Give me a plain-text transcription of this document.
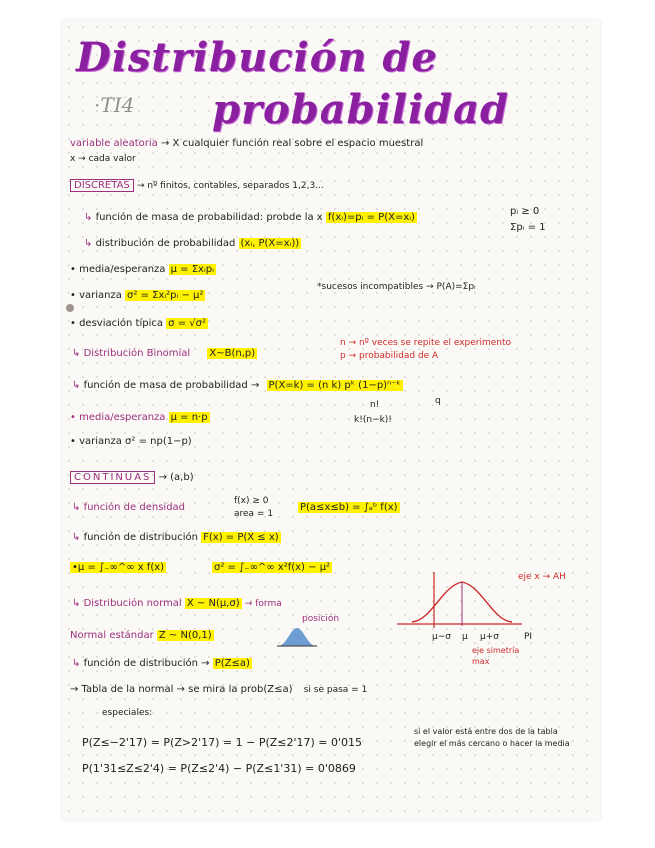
Distribución de
·TI4 probabilidad
variable aleatoria → X cualquier función real sobre el espacio muestral
x → cada valor
DISCRETAS → nº finitos, contables, separados 1,2,3...
↳ función de masa de probabilidad: probde la x f(xᵢ)=pᵢ = P(X=xᵢ)
pᵢ ≥ 0
Σpᵢ = 1
↳ distribución de probabilidad (xᵢ, P(X=xᵢ))
• media/esperanza μ = Σxᵢpᵢ
*sucesos incompatibles → P(A)=Σpᵢ
• varianza σ² = Σxᵢ²pᵢ − μ²
• desviación típica σ = √σ²
↳ Distribución Binomial X~B(n,p)
n → nº veces se repite el experimento
p → probabilidad de A
↳ función de masa de probabilidad → P(X=k) = (n k) pᵏ (1−p)ⁿ⁻ᵏ
q
n!
k!(n−k)!
• media/esperanza μ = n·p
• varianza σ² = np(1−p)
CONTINUAS → (a,b)
↳ función de densidad
f(x) ≥ 0
area = 1
P(a≤x≤b) = ∫ₐᵇ f(x)
↳ función de distribución F(x) = P(X ≤ x)
•μ = ∫₋∞^∞ x f(x)	σ² = ∫₋∞^∞ x²f(x) − μ²
↳ Distribución normal X ~ N(μ,σ) → forma
posición
eje x → AH
μ−σ μ μ+σ	PI
eje simetría
max
Normal estándar Z ~ N(0,1)
↳ función de distribución → P(Z≤a)
→ Tabla de la normal → se mira la prob(Z≤a) si se pasa = 1
especiales:
P(Z≤−2'17) = P(Z>2'17) = 1 − P(Z≤2'17) = 0'015
P(1'31≤Z≤2'4) = P(Z≤2'4) − P(Z≤1'31) = 0'0869
si el valor está entre dos de la tabla elegir el más cercano o hacer la media
